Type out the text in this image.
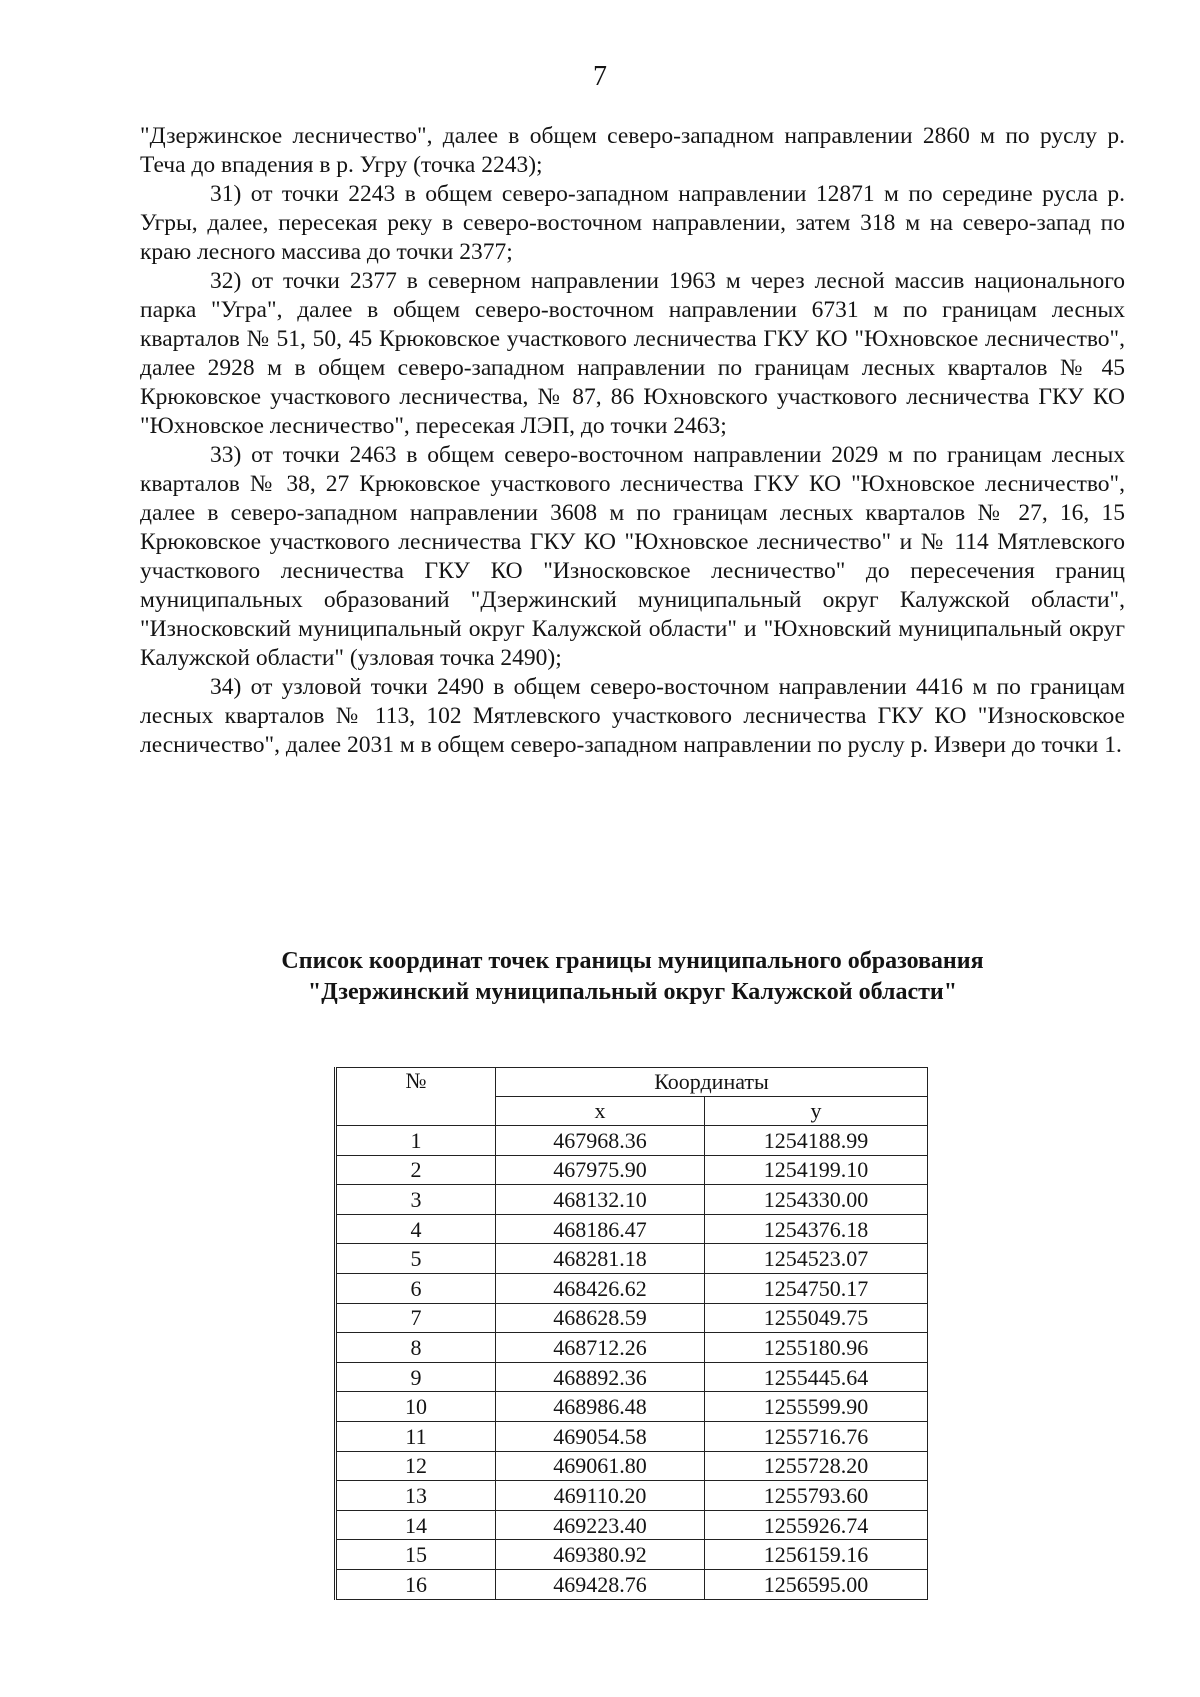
7

"Дзержинское лесничество", далее в общем северо-западном направлении 2860 м по руслу р. Теча до впадения в р. Угру (точка 2243);

31) от точки 2243 в общем северо-западном направлении 12871 м по середине русла р. Угры, далее, пересекая реку в северо-восточном направлении, затем 318 м на северо-запад по краю лесного массива до точки 2377;

32) от точки 2377 в северном направлении 1963 м через лесной массив национального парка "Угра", далее в общем северо-восточном направлении 6731 м по границам лесных кварталов № 51, 50, 45 Крюковское участкового лесничества ГКУ КО "Юхновское лесничество", далее 2928 м в общем северо-западном направлении по границам лесных кварталов № 45 Крюковское участкового лесничества, № 87, 86 Юхновского участкового лесничества ГКУ КО "Юхновское лесничество", пересекая ЛЭП, до точки 2463;

33) от точки 2463 в общем северо-восточном направлении 2029 м по границам лесных кварталов № 38, 27 Крюковское участкового лесничества ГКУ КО "Юхновское лесничество", далее в северо-западном направлении 3608 м по границам лесных кварталов № 27, 16, 15 Крюковское участкового лесничества ГКУ КО "Юхновское лесничество" и № 114 Мятлевского участкового лесничества ГКУ КО "Износковское лесничество" до пересечения границ муниципальных образований "Дзержинский муниципальный округ Калужской области", "Износковский муниципальный округ Калужской области" и "Юхновский муниципальный округ Калужской области" (узловая точка 2490);

34) от узловой точки 2490 в общем северо-восточном направлении 4416 м по границам лесных кварталов № 113, 102 Мятлевского участкового лесничества ГКУ КО "Износковское лесничество", далее 2031 м в общем северо-западном направлении по руслу р. Извери до точки 1.

Список координат точек границы муниципального образования
"Дзержинский муниципальный округ Калужской области"
№	Координаты	
	x	y
1	467968.36	1254188.99
2	467975.90	1254199.10
3	468132.10	1254330.00
4	468186.47	1254376.18
5	468281.18	1254523.07
6	468426.62	1254750.17
7	468628.59	1255049.75
8	468712.26	1255180.96
9	468892.36	1255445.64
10	468986.48	1255599.90
11	469054.58	1255716.76
12	469061.80	1255728.20
13	469110.20	1255793.60
14	469223.40	1255926.74
15	469380.92	1256159.16
16	469428.76	1256595.00
